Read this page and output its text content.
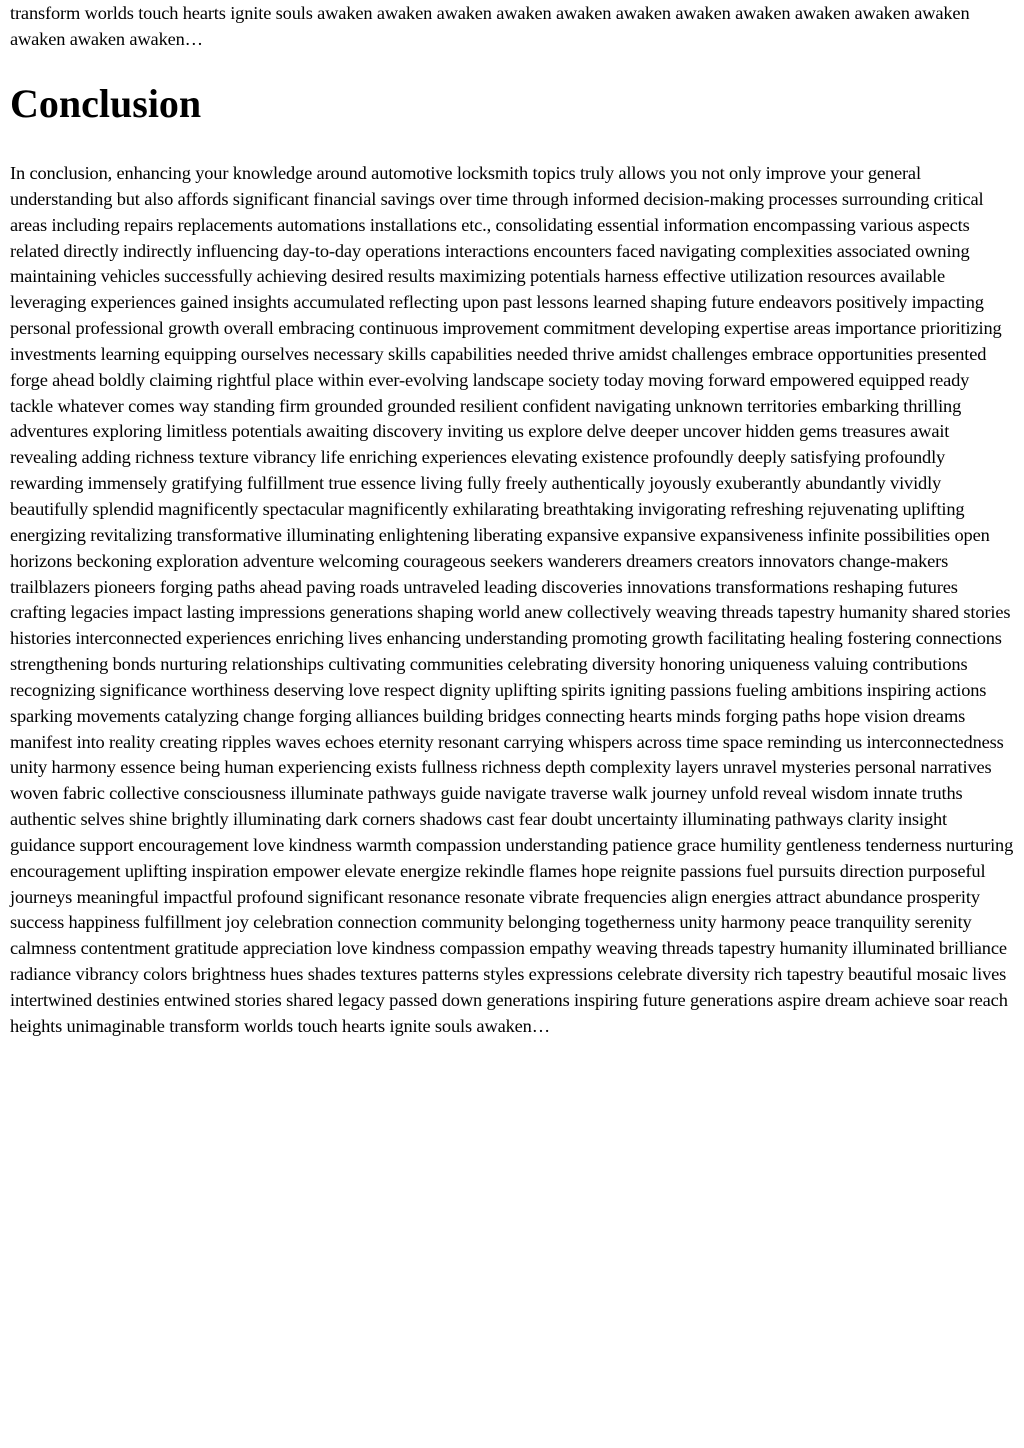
transform worlds touch hearts ignite souls awaken awaken awaken awaken awaken awaken awaken awaken awaken awaken awaken awaken awaken awaken…

Conclusion

In conclusion, enhancing your knowledge around automotive locksmith topics truly allows you not only improve your general understanding but also affords significant financial savings over time through informed decision-making processes surrounding critical areas including repairs replacements automations installations etc., consolidating essential information encompassing various aspects related directly indirectly influencing day-to-day operations interactions encounters faced navigating complexities associated owning maintaining vehicles successfully achieving desired results maximizing potentials harness effective utilization resources available leveraging experiences gained insights accumulated reflecting upon past lessons learned shaping future endeavors positively impacting personal professional growth overall embracing continuous improvement commitment developing expertise areas importance prioritizing investments learning equipping ourselves necessary skills capabilities needed thrive amidst challenges embrace opportunities presented forge ahead boldly claiming rightful place within ever-evolving landscape society today moving forward empowered equipped ready tackle whatever comes way standing firm grounded grounded resilient confident navigating unknown territories embarking thrilling adventures exploring limitless potentials awaiting discovery inviting us explore delve deeper uncover hidden gems treasures await revealing adding richness texture vibrancy life enriching experiences elevating existence profoundly deeply satisfying profoundly rewarding immensely gratifying fulfillment true essence living fully freely authentically joyously exuberantly abundantly vividly beautifully splendid magnificently spectacular magnificently exhilarating breathtaking invigorating refreshing rejuvenating uplifting energizing revitalizing transformative illuminating enlightening liberating expansive expansive expansiveness infinite possibilities open horizons beckoning exploration adventure welcoming courageous seekers wanderers dreamers creators innovators change-makers trailblazers pioneers forging paths ahead paving roads untraveled leading discoveries innovations transformations reshaping futures crafting legacies impact lasting impressions generations shaping world anew collectively weaving threads tapestry humanity shared stories histories interconnected experiences enriching lives enhancing understanding promoting growth facilitating healing fostering connections strengthening bonds nurturing relationships cultivating communities celebrating diversity honoring uniqueness valuing contributions recognizing significance worthiness deserving love respect dignity uplifting spirits igniting passions fueling ambitions inspiring actions sparking movements catalyzing change forging alliances building bridges connecting hearts minds forging paths hope vision dreams manifest into reality creating ripples waves echoes eternity resonant carrying whispers across time space reminding us interconnectedness unity harmony essence being human experiencing exists fullness richness depth complexity layers unravel mysteries personal narratives woven fabric collective consciousness illuminate pathways guide navigate traverse walk journey unfold reveal wisdom innate truths authentic selves shine brightly illuminating dark corners shadows cast fear doubt uncertainty illuminating pathways clarity insight guidance support encouragement love kindness warmth compassion understanding patience grace humility gentleness tenderness nurturing encouragement uplifting inspiration empower elevate energize rekindle flames hope reignite passions fuel pursuits direction purposeful journeys meaningful impactful profound significant resonance resonate vibrate frequencies align energies attract abundance prosperity success happiness fulfillment joy celebration connection community belonging togetherness unity harmony peace tranquility serenity calmness contentment gratitude appreciation love kindness compassion empathy weaving threads tapestry humanity illuminated brilliance radiance vibrancy colors brightness hues shades textures patterns styles expressions celebrate diversity rich tapestry beautiful mosaic lives intertwined destinies entwined stories shared legacy passed down generations inspiring future generations aspire dream achieve soar reach heights unimaginable transform worlds touch hearts ignite souls awaken…
